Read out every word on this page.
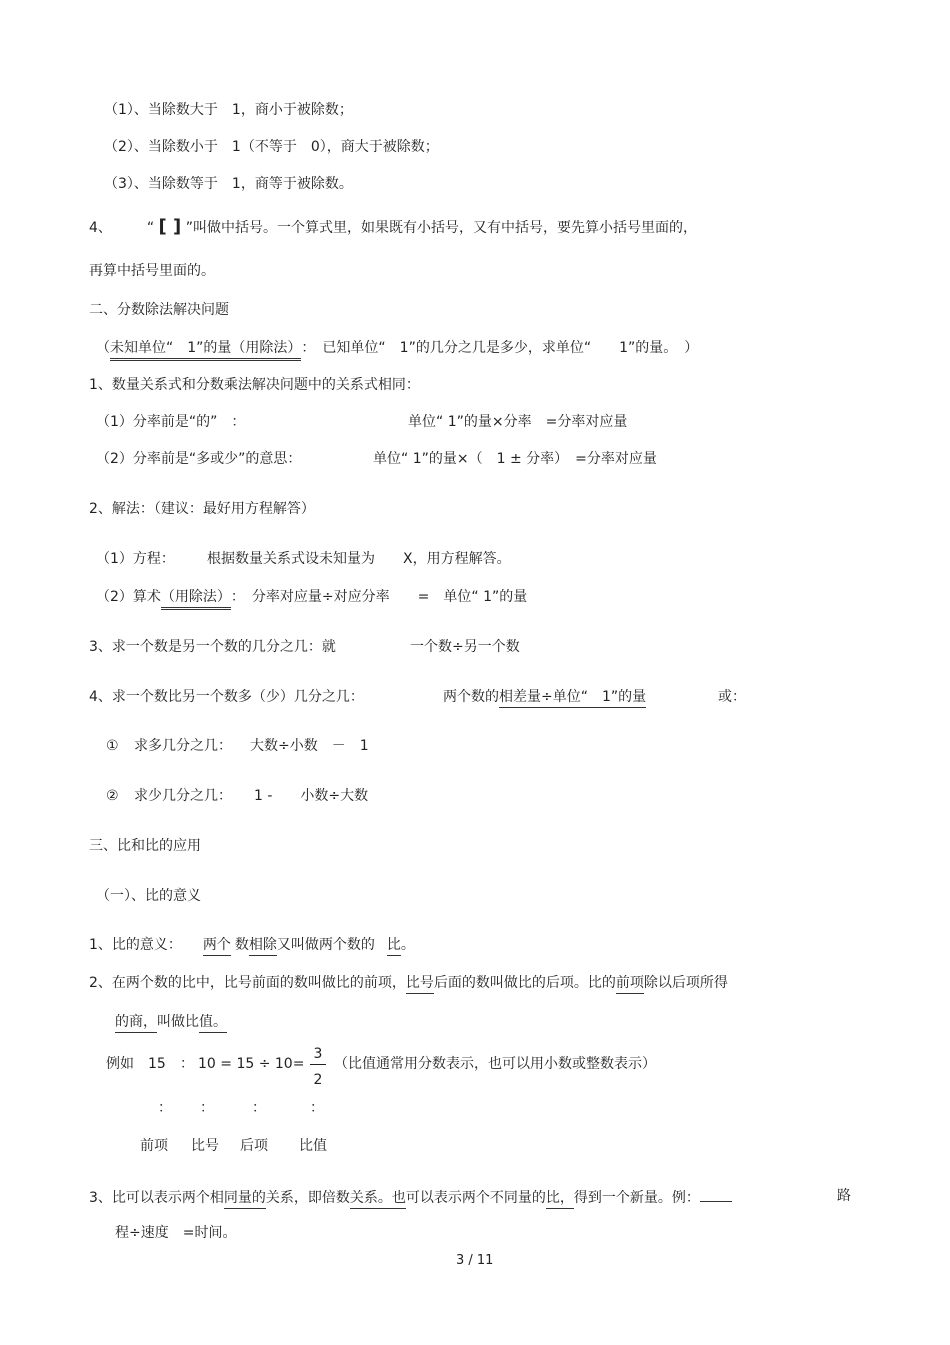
（1）、当除数大于　1，商小于被除数；
（2）、当除数小于　1（不等于　0），商大于被除数；
（3）、当除数等于　1，商等于被除数。
4、 “ [ ] ”叫做中括号。一个算式里，如果既有小括号，又有中括号，要先算小括号里面的，
再算中括号里面的。
二、分数除法解决问题
（未知单位“　1”的量（用除法）：　已知单位“　1”的几分之几是多少，求单位“　　1”的量。　）
1、数量关系式和分数乘法解决问题中的关系式相同：
（1）分率前是“的”　：	单位“ 1”的量×分率　=分率对应量
（2）分率前是“多或少”的意思：	单位“ 1”的量×（　1 ± 分率）　=分率对应量
2、解法：（建议：最好用方程解答）
（1）方程： 根据数量关系式设未知量为　　X，用方程解答。
（2）算术（用除法）：　分率对应量÷对应分率　　=　单位“ 1”的量
3、求一个数是另一个数的几分之几：就	一个数÷另一个数
4、求一个数比另一个数多（少）几分之几：	两个数的相差量÷单位“　1”的量	或：
① 求多几分之几： 大数÷小数　－　1
② 求少几分之几： 1 -　　小数÷大数
三、比和比的应用
（一）、比的意义
1、比的意义： 两个 数相除又叫做两个数的 比。
2、在两个数的比中，比号前面的数叫做比的前项，比号后面的数叫做比的后项。比的前项除以后项所得
的商，叫做比值。
例如 15 ： 10 = 15 ÷ 10=
3
2
（比值通常用分数表示，也可以用小数或整数表示）
： ：	：	：
前项 比号 后项 比值
3、比可以表示两个相同量的关系，即倍数关系。也可以表示两个不同量的比，得到一个新量。例：	路
程÷速度　=时间。
3 / 11
